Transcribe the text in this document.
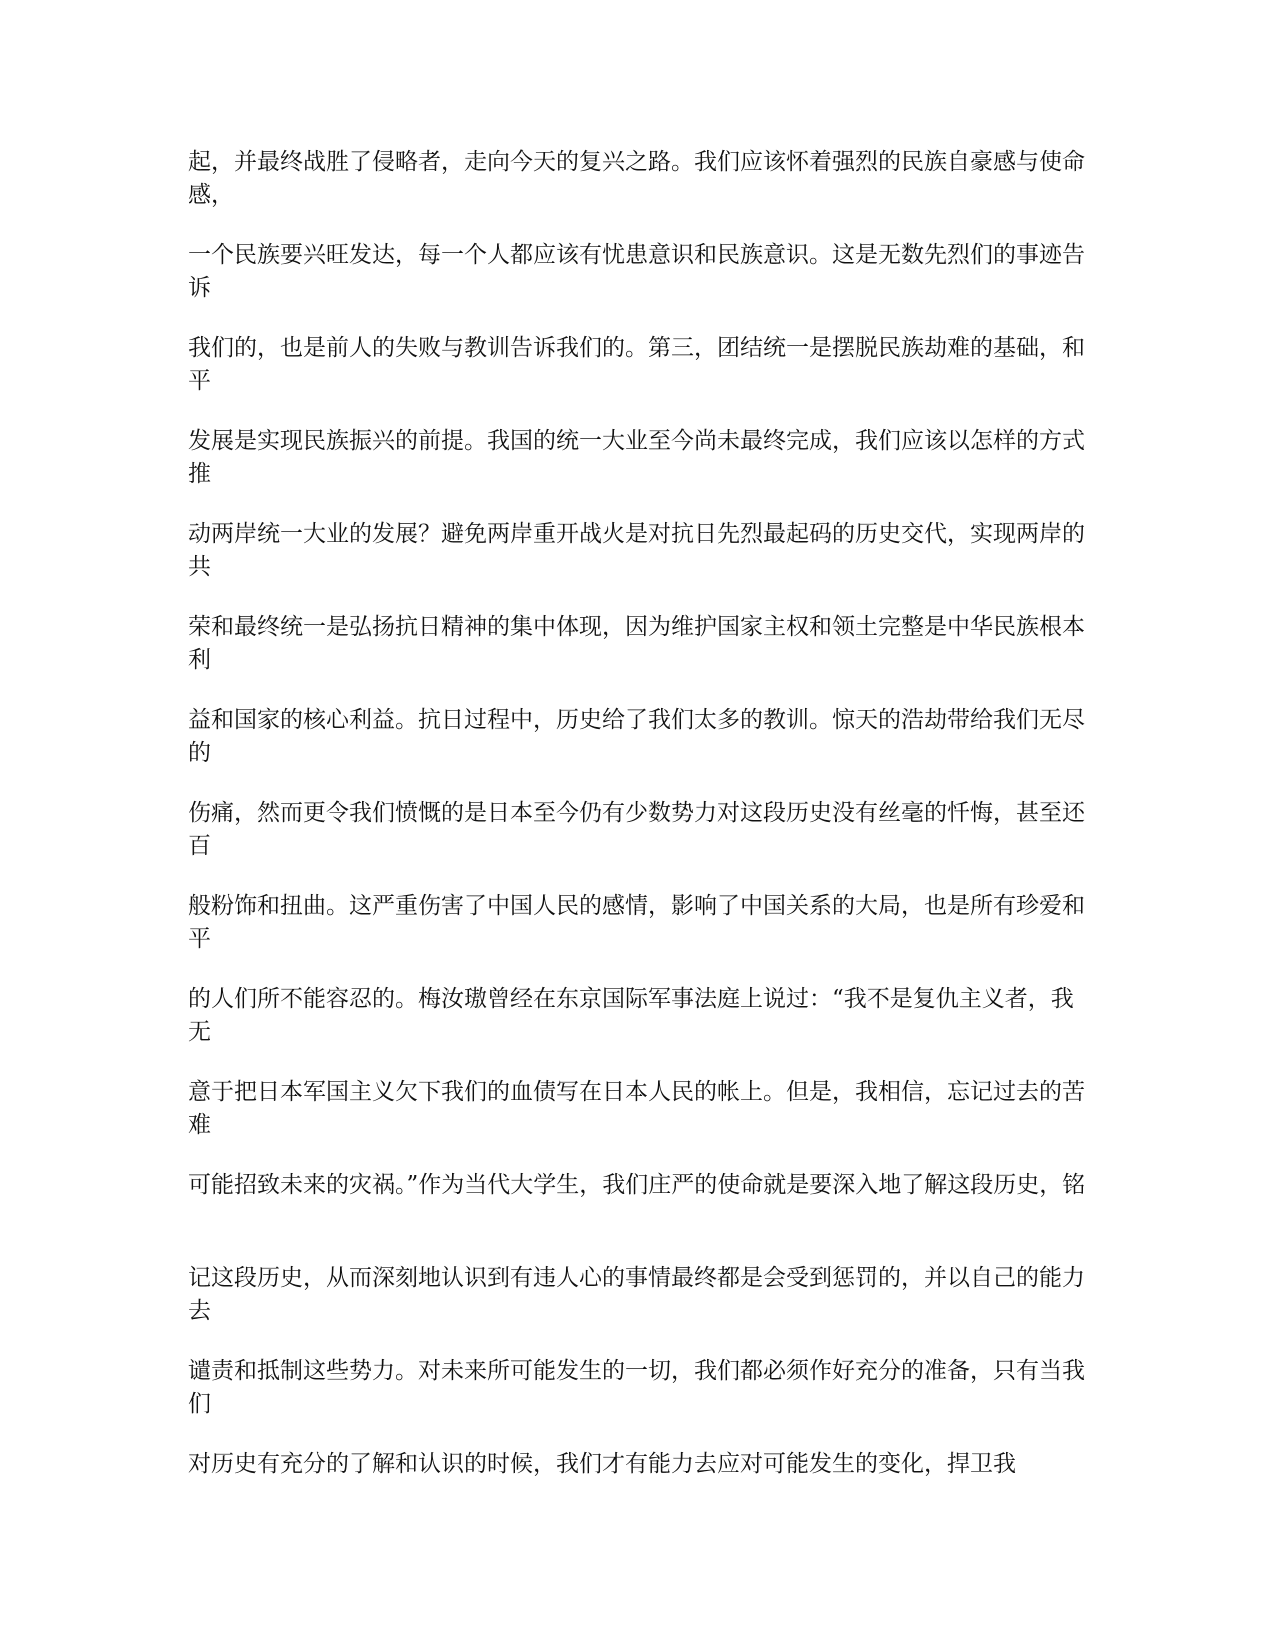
起，并最终战胜了侵略者，走向今天的复兴之路。我们应该怀着强烈的民族自豪感与使命感，

一个民族要兴旺发达，每一个人都应该有忧患意识和民族意识。这是无数先烈们的事迹告诉

我们的，也是前人的失败与教训告诉我们的。第三，团结统一是摆脱民族劫难的基础，和平

发展是实现民族振兴的前提。我国的统一大业至今尚未最终完成，我们应该以怎样的方式推

动两岸统一大业的发展？避免两岸重开战火是对抗日先烈最起码的历史交代，实现两岸的共

荣和最终统一是弘扬抗日精神的集中体现，因为维护国家主权和领土完整是中华民族根本利

益和国家的核心利益。抗日过程中，历史给了我们太多的教训。惊天的浩劫带给我们无尽的

伤痛，然而更令我们愤慨的是日本至今仍有少数势力对这段历史没有丝毫的忏悔，甚至还百

般粉饰和扭曲。这严重伤害了中国人民的感情，影响了中国关系的大局，也是所有珍爱和平

的人们所不能容忍的。梅汝璈曾经在东京国际军事法庭上说过：“我不是复仇主义者，我无

意于把日本军国主义欠下我们的血债写在日本人民的帐上。但是，我相信，忘记过去的苦难

可能招致未来的灾祸。”作为当代大学生，我们庄严的使命就是要深入地了解这段历史，铭

记这段历史，从而深刻地认识到有违人心的事情最终都是会受到惩罚的，并以自己的能力去

谴责和抵制这些势力。对未来所可能发生的一切，我们都必须作好充分的准备，只有当我们

对历史有充分的了解和认识的时候，我们才有能力去应对可能发生的变化，捍卫我
